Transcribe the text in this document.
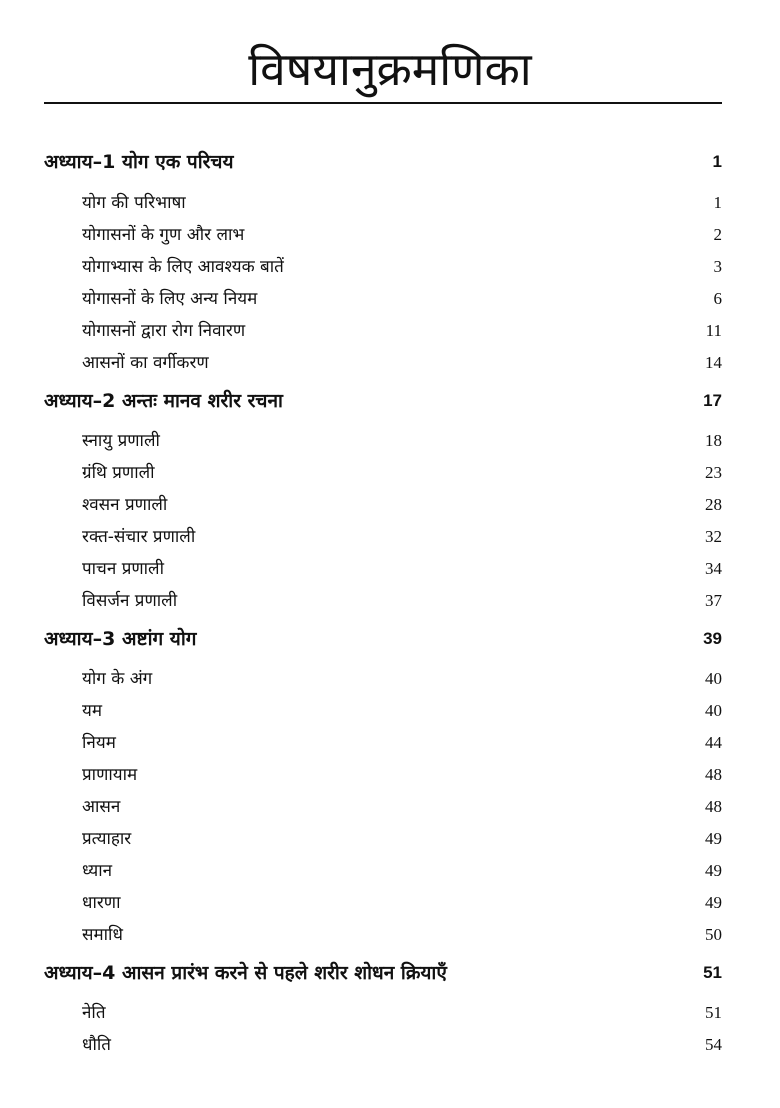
विषयानुक्रमणिका
अध्याय–1 योग एक परिचय	1
योग की परिभाषा	1
योगासनों के गुण और लाभ	2
योगाभ्यास के लिए आवश्यक बातें	3
योगासनों के लिए अन्य नियम	6
योगासनों द्वारा रोग निवारण	11
आसनों का वर्गीकरण	14
अध्याय–2 अन्तः मानव शरीर रचना	17
स्नायु प्रणाली	18
ग्रंथि प्रणाली	23
श्वसन प्रणाली	28
रक्त-संचार प्रणाली	32
पाचन प्रणाली	34
विसर्जन प्रणाली	37
अध्याय–3 अष्टांग योग	39
योग के अंग	40
यम	40
नियम	44
प्राणायाम	48
आसन	48
प्रत्याहार	49
ध्यान	49
धारणा	49
समाधि	50
अध्याय–4 आसन प्रारंभ करने से पहले शरीर शोधन क्रियाएँ	51
नेति	51
धौति	54
